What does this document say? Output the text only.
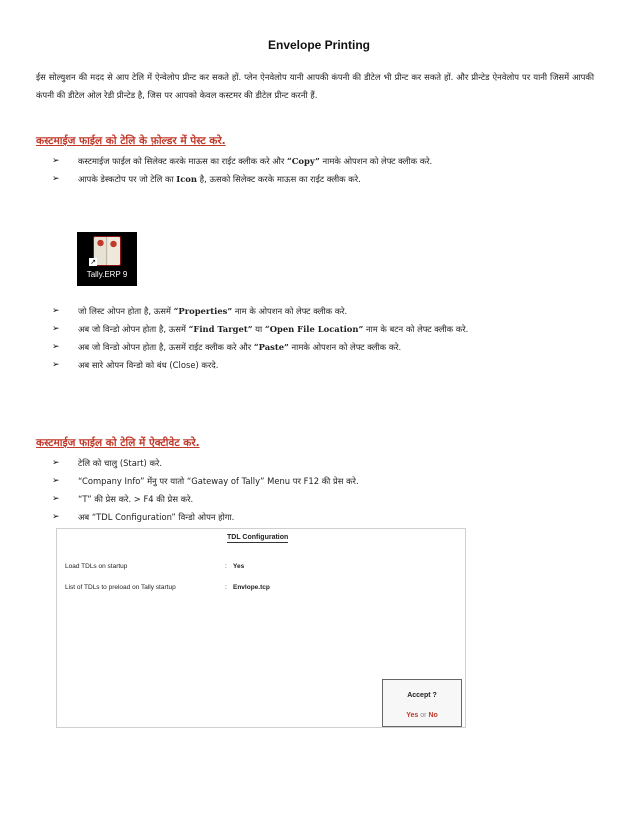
Envelope Printing
ईस सोल्युशन की मदद से आप टेलि में ऐन्वेलोप प्रीन्ट कर सकते हों. प्लेन ऐनवेलोप यानी आपकी कंपनी की डीटेल भी प्रीन्ट कर सकते हों. और प्रीन्टेड ऐनवेलोप पर यानी जिसमें आपकी कंपनी की डीटेल ओल रेडी प्रीन्टेड है, जिस पर आपको केवल कस्टमर की डीटेल प्रीन्ट करनी हैं.
कस्टमाईज फाईल को टेलि के फ़ोल्डर में पेस्ट करे.
➢ कस्टमाईज फाईल को सिलेक्ट करके माऊस का राईट क्लीक करे और “Copy” नामके ओपशन को लेफ्ट क्लीक करे.
➢ आपके डेस्कटोप पर जो टेलि का Icon है, ऊसको सिलेक्ट करके माऊस का राईट क्लीक करे.
↗
Tally.ERP 9
➢ जो लिस्ट ओपन होता है, ऊसमें “Properties” नाम के ओपशन को लेफ्ट क्लीक करे.
➢ अब जो विन्डो ओपन होता है, ऊसमें “Find Target” या “Open File Location” नाम के बटन को लेफ्ट क्लीक करे.
➢ अब जो विन्डो ओपन होता है, ऊसमें राईट क्लीक करे और “Paste” नामके ओपशन को लेफ्ट क्लीक करे.
➢ अब सारे ओपन विन्डो को बंध (Close) करदे.
कस्टमाईज फाईल को टेलि में ऐक्टीवेट करे.
➢ टेलि को चालु (Start) करे.
➢ “Company Info” मेंनु पर यातो “Gateway of Tally” Menu पर F12 की प्रेस करे.
➢ “T” की प्रेस करे. > F4 की प्रेस करे.
➢ अब “TDL Configuration” विन्डो ओपन होगा.
TDL Configuration
Load TDLs on startup	: Yes
List of TDLs to preload on Tally startup	: Envlope.tcp
Accept ?
Yes or No
